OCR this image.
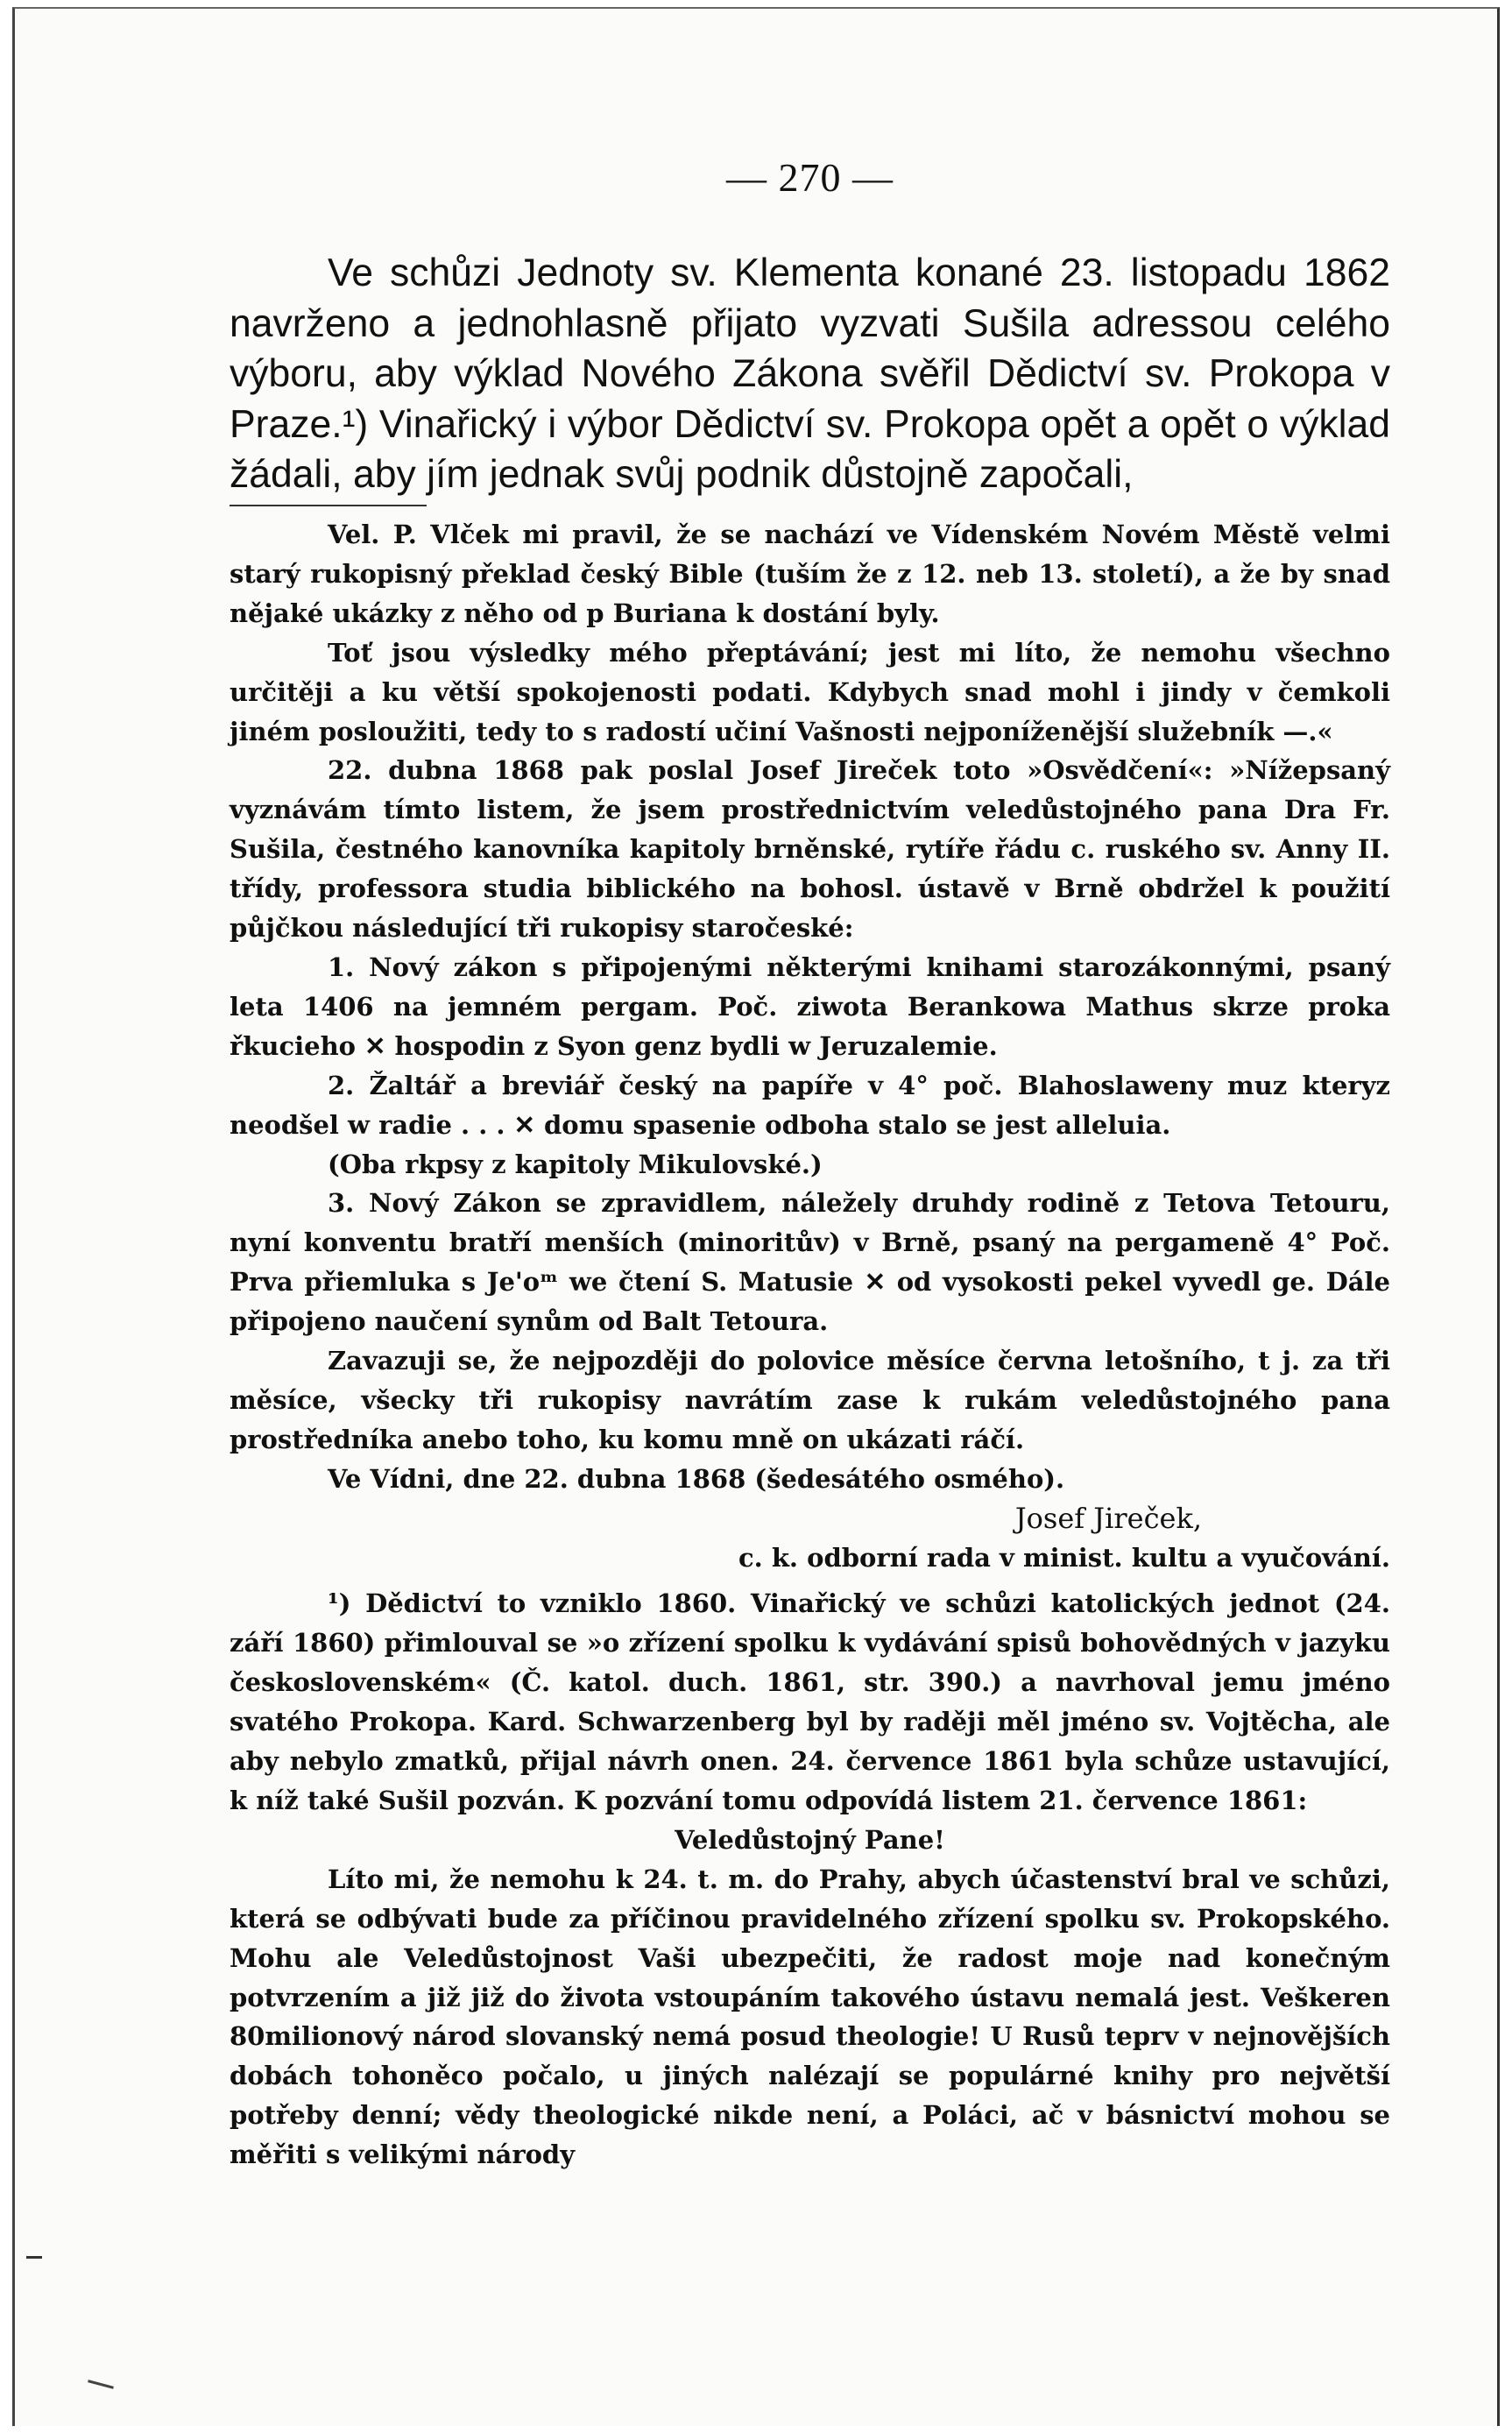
— 270 —

Ve schůzi Jednoty sv. Klementa konané 23. listopadu 1862 navrženo a jednohlasně přijato vyzvati Sušila adressou celého výboru, aby výklad Nového Zákona svěřil Dědictví sv. Prokopa v Praze.¹) Vinařický i výbor Dědictví sv. Prokopa opět a opět o výklad žádali, aby jím jednak svůj podnik důstojně započali,

Vel. P. Vlček mi pravil, že se nachází ve Vídenském Novém Městě velmi starý rukopisný překlad český Bible (tuším že z 12. neb 13. století), a že by snad nějaké ukázky z něho od p Buriana k dostání byly.

Toť jsou výsledky mého přeptávání; jest mi líto, že nemohu všechno určitěji a ku větší spokojenosti podati. Kdybych snad mohl i jindy v čemkoli jiném posloužiti, tedy to s radostí učiní Vašnosti nejponíženější služebník —.«

22. dubna 1868 pak poslal Josef Jireček toto »Osvědčení«: »Nížepsaný vyznávám tímto listem, že jsem prostřednictvím veledůstojného pana Dra Fr. Sušila, čestného kanovníka kapitoly brněnské, rytíře řádu c. ruského sv. Anny II. třídy, professora studia biblického na bohosl. ústavě v Brně obdržel k použití půjčkou následující tři rukopisy staročeské:

1. Nový zákon s připojenými některými knihami starozákonnými, psaný leta 1406 na jemném pergam. Poč. ziwota Berankowa Mathus skrze proka řkucieho ✕ hospodin z Syon genz bydli w Jeruzalemie.

2. Žaltář a breviář český na papíře v 4° poč. Blahoslaweny muz kteryz neodšel w radie . . . ✕ domu spasenie odboha stalo se jest alleluia.

(Oba rkpsy z kapitoly Mikulovské.)

3. Nový Zákon se zpravidlem, náležely druhdy rodině z Tetova Tetouru, nyní konventu bratří menších (minoritův) v Brně, psaný na pergameně 4° Poč. Prva přiemluka s Je'oᵐ we čtení S. Matusie ✕ od vysokosti pekel vyvedl ge. Dále připojeno naučení synům od Balt Tetoura.

Zavazuji se, že nejpozději do polovice měsíce června letošního, t j. za tři měsíce, všecky tři rukopisy navrátím zase k rukám veledůstojného pana prostředníka anebo toho, ku komu mně on ukázati ráčí.

Ve Vídni, dne 22. dubna 1868 (šedesátého osmého).

Josef Jireček,

c. k. odborní rada v minist. kultu a vyučování.

¹) Dědictví to vzniklo 1860. Vinařický ve schůzi katolických jednot (24. září 1860) přimlouval se »o zřízení spolku k vydávání spisů bohovědných v jazyku československém« (Č. katol. duch. 1861, str. 390.) a navrhoval jemu jméno svatého Prokopa. Kard. Schwarzenberg byl by raději měl jméno sv. Vojtěcha, ale aby nebylo zmatků, přijal návrh onen. 24. července 1861 byla schůze ustavující, k níž také Sušil pozván. K pozvání tomu odpovídá listem 21. července 1861:

Veledůstojný Pane!

Líto mi, že nemohu k 24. t. m. do Prahy, abych účastenství bral ve schůzi, která se odbývati bude za příčinou pravidelného zřízení spolku sv. Prokopského. Mohu ale Veledůstojnost Vaši ubezpečiti, že radost moje nad konečným potvrzením a již již do života vstoupáním takového ústavu nemalá jest. Veškeren 80milionový národ slovanský nemá posud theologie! U Rusů teprv v nejnovějších dobách tohoněco počalo, u jiných nalézají se populárné knihy pro největší potřeby denní; vědy theologické nikde není, a Poláci, ač v básnictví mohou se měřiti s velikými národy
